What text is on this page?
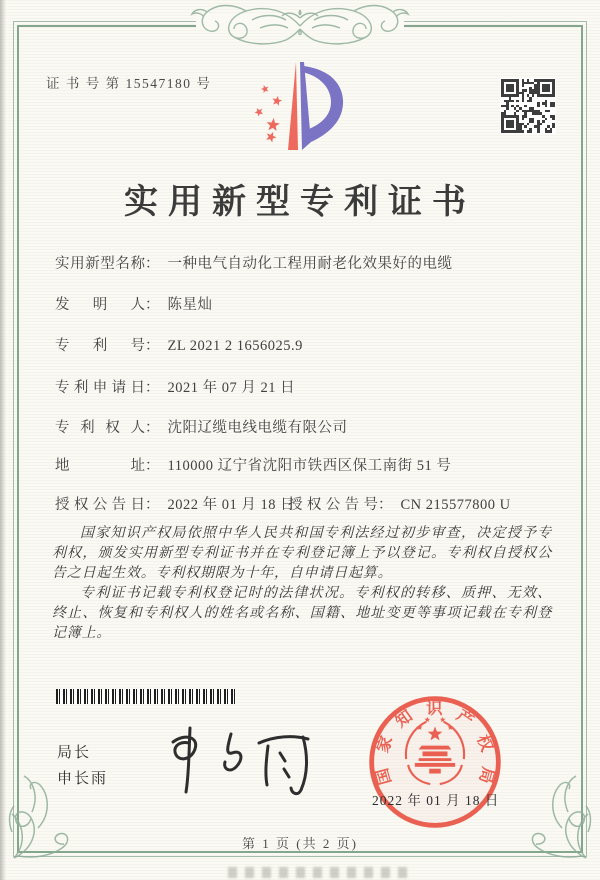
证 书 号 第 15547180 号
实用新型专利证书
实用新型名称： 一种电气自动化工程用耐老化效果好的电缆
发明人： 陈星灿
专利号： ZL 2021 2 1656025.9
专利申请日： 2021 年 07 月 21 日
专利权人： 沈阳辽缆电线电缆有限公司
地址： 110000 辽宁省沈阳市铁西区保工南街 51 号
授权公告日： 2022 年 01 月 18 日
授权公告号： CN 215577800 U

国家知识产权局依照中华人民共和国专利法经过初步审查，决定授予专利权，颁发实用新型专利证书并在专利登记簿上予以登记。专利权自授权公告之日起生效。专利权期限为十年，自申请日起算。

专利证书记载专利权登记时的法律状况。专利权的转移、质押、无效、终止、恢复和专利权人的姓名或名称、国籍、地址变更等事项记载在专利登记簿上。

局长
申长雨	国家知识产权局
2022 年 01 月 18 日
第 1 页 (共 2 页)
